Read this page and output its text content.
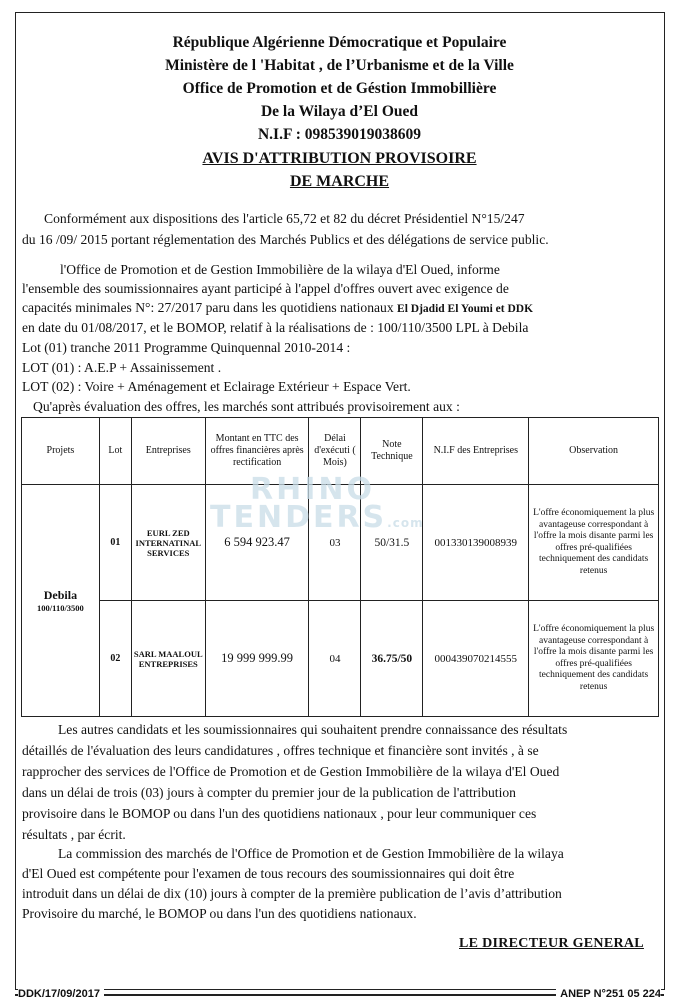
République Algérienne Démocratique et Populaire
Ministère de l 'Habitat , de l’Urbanisme et de la Ville
Office de Promotion et de Géstion Immobillière
De la Wilaya d’El Oued
N.I.F : 098539019038609
AVIS D'ATTRIBUTION PROVISOIRE
DE MARCHE
Conformément aux dispositions des l'article 65,72 et 82 du décret Présidentiel N°15/247
du 16 /09/ 2015 portant réglementation des Marchés Publics et des délégations de service public.
l'Office de Promotion et de Gestion Immobilière de la wilaya d'El Oued, informe
l'ensemble des soumissionnaires ayant participé à l'appel d'offres ouvert avec exigence de
capacités minimales N°: 27/2017 paru dans les quotidiens nationaux El Djadid El Youmi et DDK
en date du 01/08/2017, et le BOMOP, relatif à la réalisations de : 100/110/3500 LPL à Debila
Lot (01) tranche 2011 Programme Quinquennal 2010-2014 :
LOT (01) : A.E.P + Assainissement .
LOT (02) : Voire + Aménagement et Eclairage Extérieur + Espace Vert.
Qu'après évaluation des offres, les marchés sont attribués provisoirement aux :
Projets	Lot	Entreprises	Montant en TTC des offres financières après rectification	Délai d'exécuti ( Mois)	Note Technique	N.I.F des Entreprises	Observation

Debila
100/110/3500	01	EURL ZED INTERNATINAL SERVICES	6 594 923.47	03	50/31.5	001330139008939	L'offre économiquement la plus avantageuse correspondant à l'offre la mois disante parmi les offres pré-qualifiées techniquement des candidats retenus
	02	SARL MAALOUL ENTREPRISES	19 999 999.99	04	36.75/50	000439070214555	L'offre économiquement la plus avantageuse correspondant à l'offre la mois disante parmi les offres pré-qualifiées techniquement des candidats retenus
RHINO
TENDERS.com
Les autres candidats et les soumissionnaires qui souhaitent prendre connaissance des résultats
détaillés de l'évaluation des leurs candidatures , offres technique et financière sont invités , à se
rapprocher des services de l'Office de Promotion et de Gestion Immobilière de la wilaya d'El Oued
dans un délai de trois (03) jours à compter du premier jour de la publication de l'attribution
provisoire dans le BOMOP ou dans l'un des quotidiens nationaux , pour leur communiquer ces
résultats , par écrit.
La commission des marchés de l'Office de Promotion et de Gestion Immobilière de la wilaya
d'El Oued est compétente pour l'examen de tous recours des soumissionnaires qui doit être
introduit dans un délai de dix (10) jours à compter de la première publication de l’avis d’attribution
Provisoire du marché, le BOMOP ou dans l'un des quotidiens nationaux.
LE DIRECTEUR GENERAL
DDK/17/09/2017	ANEP N°251 05 224
